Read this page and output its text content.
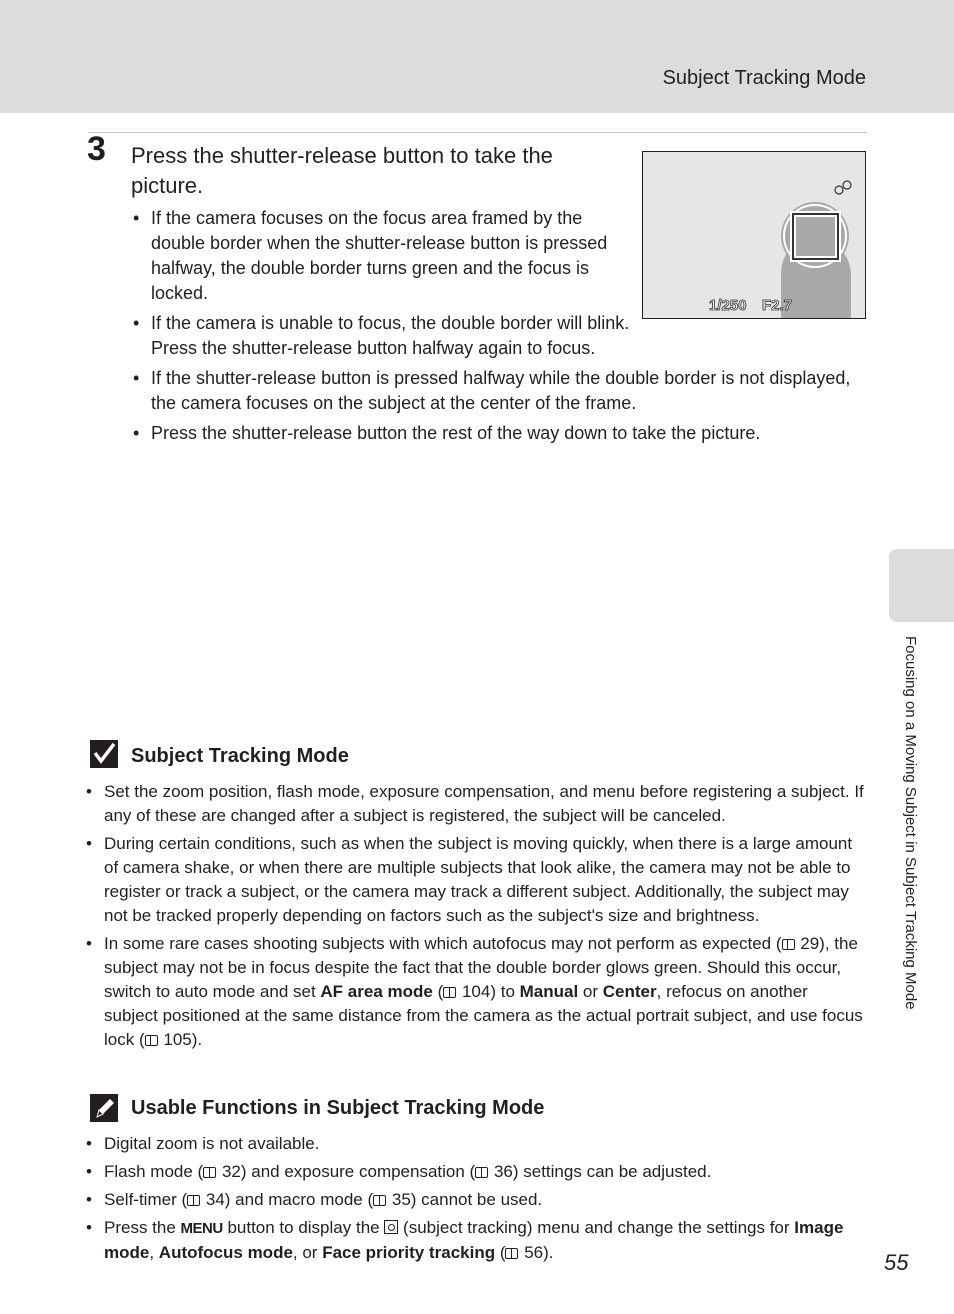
Subject Tracking Mode
Focusing on a Moving Subject in Subject Tracking Mode
3 Press the shutter-release button to take the picture.
• If the camera focuses on the focus area framed by the double border when the shutter-release button is pressed halfway, the double border turns green and the focus is locked.
• If the camera is unable to focus, the double border will blink. Press the shutter-release button halfway again to focus.
• If the shutter-release button is pressed halfway while the double border is not displayed, the camera focuses on the subject at the center of the frame.
• Press the shutter-release button the rest of the way down to take the picture.
1/250 F2.7
Subject Tracking Mode
• Set the zoom position, flash mode, exposure compensation, and menu before registering a subject. If any of these are changed after a subject is registered, the subject will be canceled.
• During certain conditions, such as when the subject is moving quickly, when there is a large amount of camera shake, or when there are multiple subjects that look alike, the camera may not be able to register or track a subject, or the camera may track a different subject. Additionally, the subject may not be tracked properly depending on factors such as the subject's size and brightness.
• In some rare cases shooting subjects with which autofocus may not perform as expected ( 29), the subject may not be in focus despite the fact that the double border glows green. Should this occur, switch to auto mode and set AF area mode ( 104) to Manual or Center, refocus on another subject positioned at the same distance from the camera as the actual portrait subject, and use focus lock ( 105).
Usable Functions in Subject Tracking Mode
• Digital zoom is not available.
• Flash mode ( 32) and exposure compensation ( 36) settings can be adjusted.
• Self-timer ( 34) and macro mode ( 35) cannot be used.
• Press the MENU button to display the  (subject tracking) menu and change the settings for Image mode, Autofocus mode, or Face priority tracking ( 56).	55
